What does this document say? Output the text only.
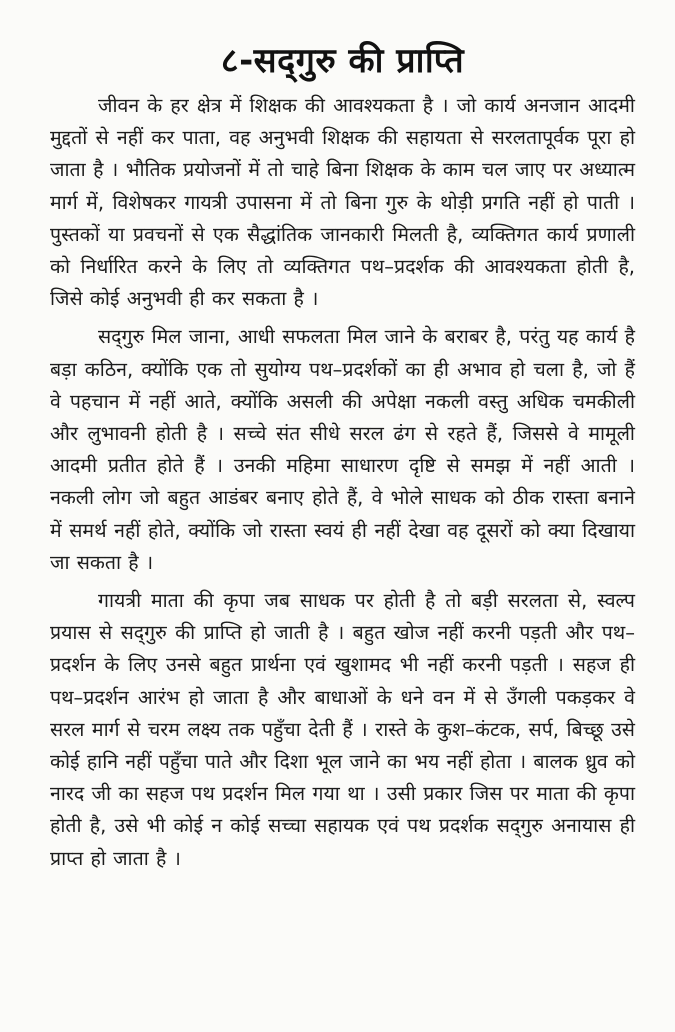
८-सद्‌गुरु की प्राप्ति

जीवन के हर क्षेत्र में शिक्षक की आवश्यकता है । जो कार्य अनजान आदमी मुद्दतों से नहीं कर पाता, वह अनुभवी शिक्षक की सहायता से सरलतापूर्वक पूरा हो जाता है । भौतिक प्रयोजनों में तो चाहे बिना शिक्षक के काम चल जाए पर अध्यात्म मार्ग में, विशेषकर गायत्री उपासना में तो बिना गुरु के थोड़ी प्रगति नहीं हो पाती । पुस्तकों या प्रवचनों से एक सैद्धांतिक जानकारी मिलती है, व्यक्तिगत कार्य प्रणाली को निर्धारित करने के लिए तो व्यक्तिगत पथ–प्रदर्शक की आवश्यकता होती है, जिसे कोई अनुभवी ही कर सकता है ।

सद्‌गुरु मिल जाना, आधी सफलता मिल जाने के बराबर है, परंतु यह कार्य है बड़ा कठिन, क्योंकि एक तो सुयोग्य पथ–प्रदर्शकों का ही अभाव हो चला है, जो हैं वे पहचान में नहीं आते, क्योंकि असली की अपेक्षा नकली वस्तु अधिक चमकीली और लुभावनी होती है । सच्चे संत सीधे सरल ढंग से रहते हैं, जिससे वे मामूली आदमी प्रतीत होते हैं । उनकी महिमा साधारण दृष्टि से समझ में नहीं आती । नकली लोग जो बहुत आडंबर बनाए होते हैं, वे भोले साधक को ठीक रास्ता बनाने में समर्थ नहीं होते, क्योंकि जो रास्ता स्वयं ही नहीं देखा वह दूसरों को क्या दिखाया जा सकता है ।

गायत्री माता की कृपा जब साधक पर होती है तो बड़ी सरलता से, स्वल्प प्रयास से सद्‌गुरु की प्राप्ति हो जाती है । बहुत खोज नहीं करनी पड़ती और पथ–प्रदर्शन के लिए उनसे बहुत प्रार्थना एवं खुशामद भी नहीं करनी पड़ती । सहज ही पथ–प्रदर्शन आरंभ हो जाता है और बाधाओं के धने वन में से उँगली पकड़कर वे सरल मार्ग से चरम लक्ष्य तक पहुँचा देती हैं । रास्ते के कुश–कंटक, सर्प, बिच्छू उसे कोई हानि नहीं पहुँचा पाते और दिशा भूल जाने का भय नहीं होता । बालक ध्रुव को नारद जी का सहज पथ प्रदर्शन मिल गया था । उसी प्रकार जिस पर माता की कृपा होती है, उसे भी कोई न कोई सच्चा सहायक एवं पथ प्रदर्शक सद्‌गुरु अनायास ही प्राप्त हो जाता है ।
